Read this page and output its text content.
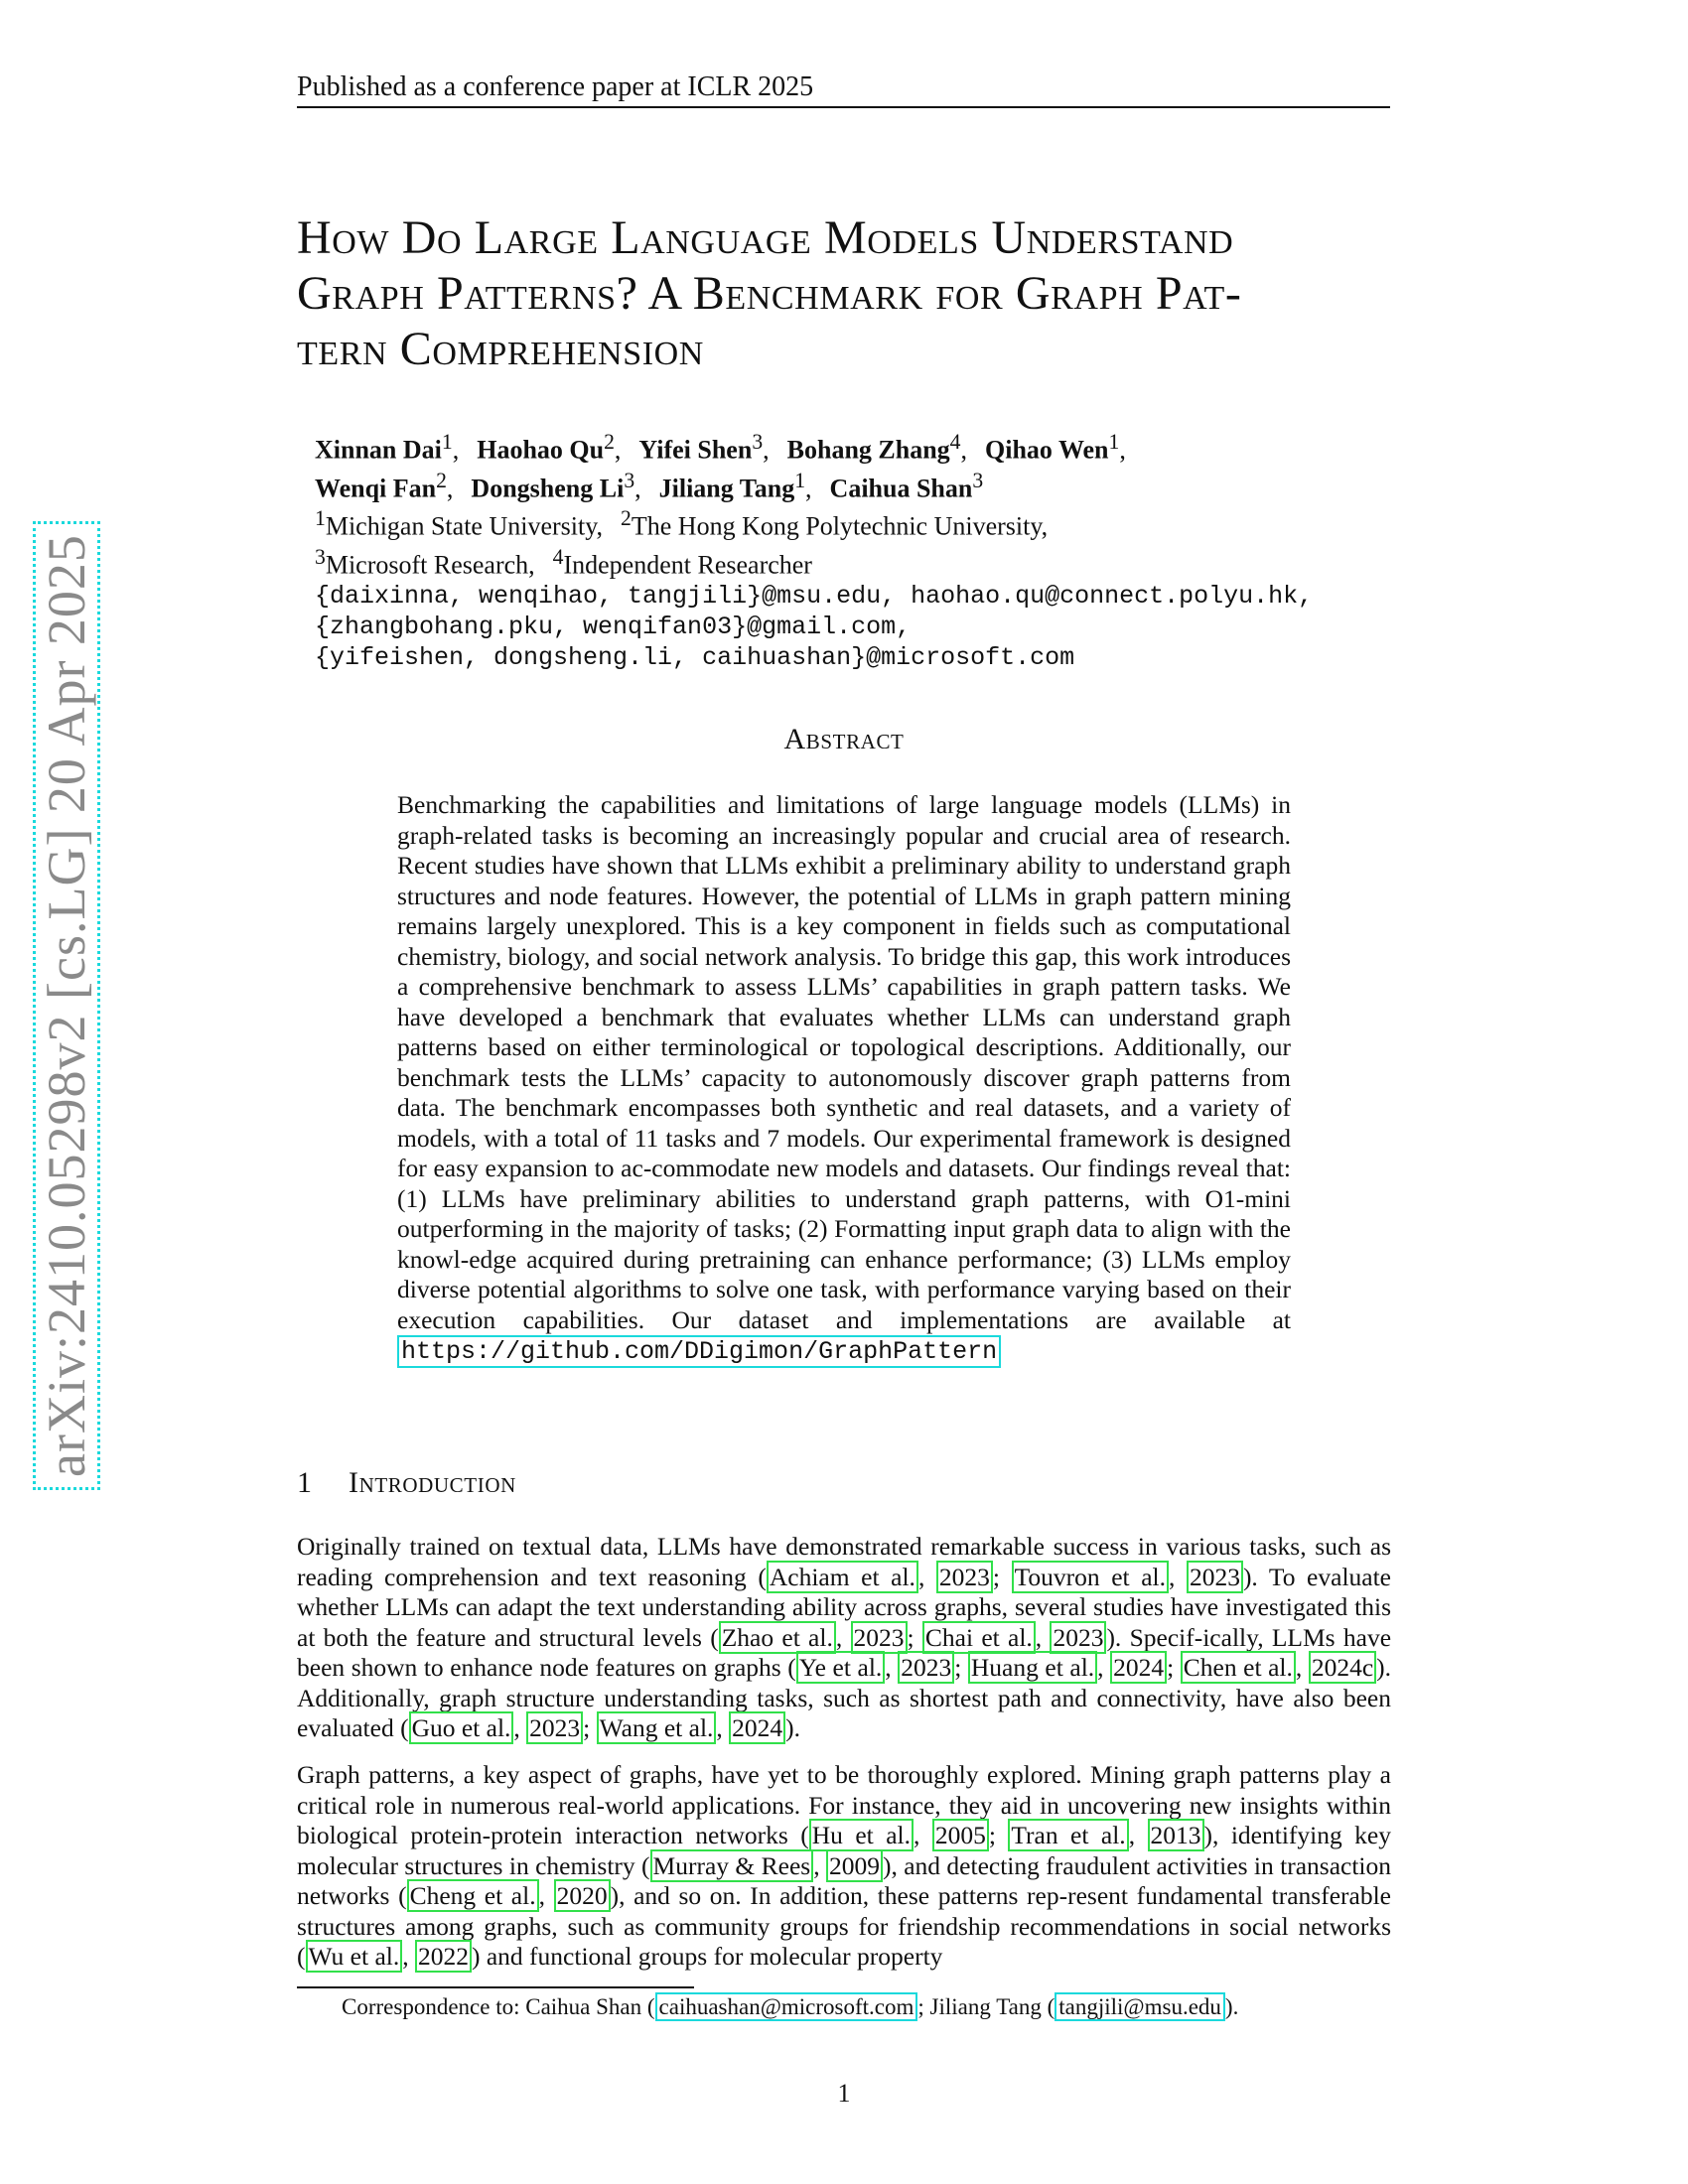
Published as a conference paper at ICLR 2025
arXiv:2410.05298v2 [cs.LG] 20 Apr 2025
How Do Large Language Models Understand
Graph Patterns? A Benchmark for Graph Pat-
tern Comprehension
Xinnan Dai$^1$, Haohao Qu$^2$, Yifei Shen$^3$, Bohang Zhang$^4$, Qihao Wen$^1$,
Wenqi Fan$^2$, Dongsheng Li$^3$, Jiliang Tang$^1$, Caihua Shan$^3$
$^1$Michigan State University, $^2$The Hong Kong Polytechnic University,
$^3$Microsoft Research, $^4$Independent Researcher
{daixinna, wenqihao, tangjili}@msu.edu, haohao.qu@connect.polyu.hk,
{zhangbohang.pku, wenqifan03}@gmail.com,
{yifeishen, dongsheng.li, caihuashan}@microsoft.com
Abstract

Benchmarking the capabilities and limitations of large language models (LLMs) in graph-related tasks is becoming an increasingly popular and crucial area of research. Recent studies have shown that LLMs exhibit a preliminary ability to understand graph structures and node features. However, the potential of LLMs in graph pattern mining remains largely unexplored. This is a key component in fields such as computational chemistry, biology, and social network analysis. To bridge this gap, this work introduces a comprehensive benchmark to assess LLMs’ capabilities in graph pattern tasks. We have developed a benchmark that evaluates whether LLMs can understand graph patterns based on either terminological or topological descriptions. Additionally, our benchmark tests the LLMs’ capacity to autonomously discover graph patterns from data. The benchmark encompasses both synthetic and real datasets, and a variety of models, with a total of 11 tasks and 7 models. Our experimental framework is designed for easy expansion to ac-commodate new models and datasets. Our findings reveal that: (1) LLMs have preliminary abilities to understand graph patterns, with O1-mini outperforming in the majority of tasks; (2) Formatting input graph data to align with the knowl-edge acquired during pretraining can enhance performance; (3) LLMs employ diverse potential algorithms to solve one task, with performance varying based on their execution capabilities. Our dataset and implementations are available at https://github.com/DDigimon/GraphPattern

1 Introduction

Originally trained on textual data, LLMs have demonstrated remarkable success in various tasks, such as reading comprehension and text reasoning ( Achiam et al. , 2023 ; Touvron et al. , 2023 ). To evaluate whether LLMs can adapt the text understanding ability across graphs, several studies have investigated this at both the feature and structural levels ( Zhao et al. , 2023 ; Chai et al. , 2023 ). Specif-ically, LLMs have been shown to enhance node features on graphs ( Ye et al. , 2023 ; Huang et al. , 2024 ; Chen et al. , 2024c ). Additionally, graph structure understanding tasks, such as shortest path and connectivity, have also been evaluated ( Guo et al. , 2023 ; Wang et al. , 2024 ).

Graph patterns, a key aspect of graphs, have yet to be thoroughly explored. Mining graph patterns play a critical role in numerous real-world applications. For instance, they aid in uncovering new insights within biological protein-protein interaction networks ( Hu et al. , 2005 ; Tran et al. , 2013 ), identifying key molecular structures in chemistry ( Murray & Rees , 2009 ), and detecting fraudulent activities in transaction networks ( Cheng et al. , 2020 ), and so on. In addition, these patterns rep-resent fundamental transferable structures among graphs, such as community groups for friendship recommendations in social networks ( Wu et al. , 2022 ) and functional groups for molecular property

Correspondence to: Caihua Shan ( caihuashan@microsoft.com ; Jiliang Tang ( tangjili@msu.edu ).
1
